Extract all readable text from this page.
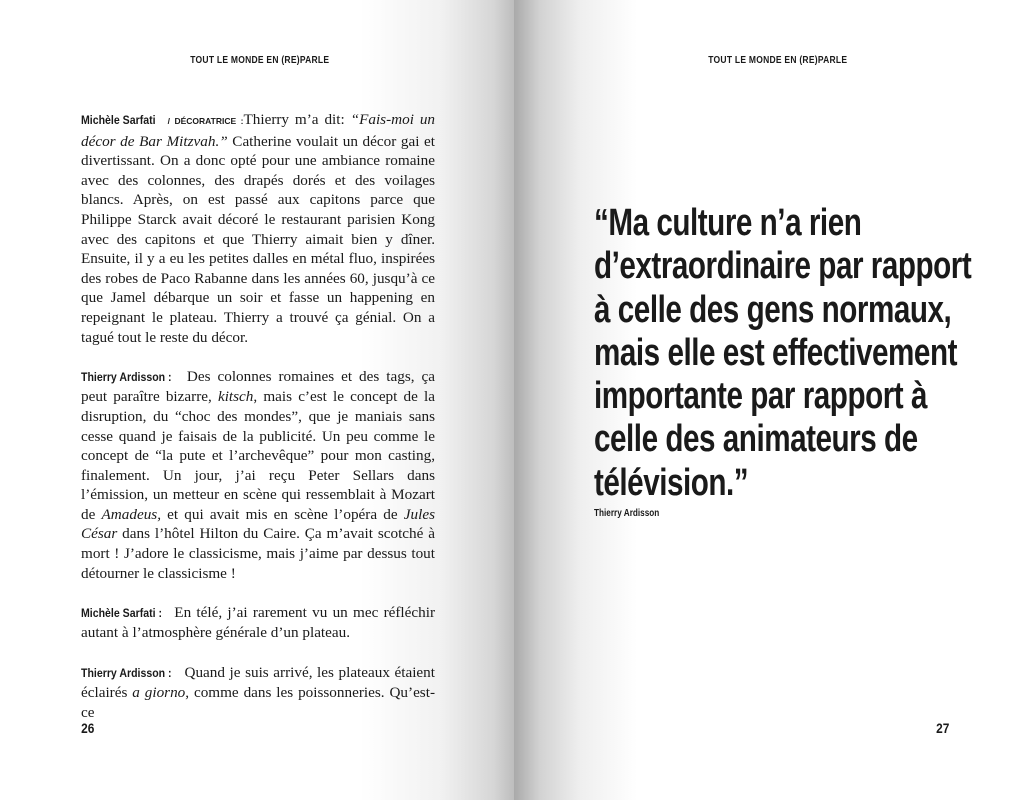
TOUT LE MONDE EN (RE)PARLE

Michèle Sarfati / DÉCORATRICE :Thierry m’a dit: “Fais-moi un décor de Bar Mitzvah.” Catherine voulait un décor gai et divertissant. On a donc opté pour une ambiance romaine avec des colonnes, des drapés dorés et des voilages blancs. Après, on est passé aux capitons parce que Philippe Starck avait décoré le restaurant parisien Kong avec des capitons et que Thierry aimait bien y dîner. Ensuite, il y a eu les petites dalles en métal fluo, inspirées des robes de Paco Rabanne dans les années 60, jusqu’à ce que Jamel débarque un soir et fasse un happening en repeignant le plateau. Thierry a trouvé ça génial. On a tagué tout le reste du décor.

Thierry Ardisson : Des colonnes romaines et des tags, ça peut paraître bizarre, kitsch, mais c’est le concept de la disruption, du “choc des mondes”, que je maniais sans cesse quand je faisais de la publicité. Un peu comme le concept de “la pute et l’archevêque” pour mon casting, finalement. Un jour, j’ai reçu Peter Sellars dans l’émission, un metteur en scène qui ressemblait à Mozart de Amadeus, et qui avait mis en scène l’opéra de Jules César dans l’hôtel Hilton du Caire. Ça m’avait scotché à mort ! J’adore le classicisme, mais j’aime par dessus tout détourner le classicisme !

Michèle Sarfati : En télé, j’ai rarement vu un mec réfléchir autant à l’atmosphère générale d’un plateau.

Thierry Ardisson : Quand je suis arrivé, les plateaux étaient éclairés a giorno, comme dans les poissonneries. Qu’est-ce

26
TOUT LE MONDE EN (RE)PARLE
“Ma culture n’a rien
d’extraordinaire par rapport
à celle des gens normaux,
mais elle est effectivement
importante par rapport à
celle des animateurs de
télévision.”
Thierry Ardisson
27
